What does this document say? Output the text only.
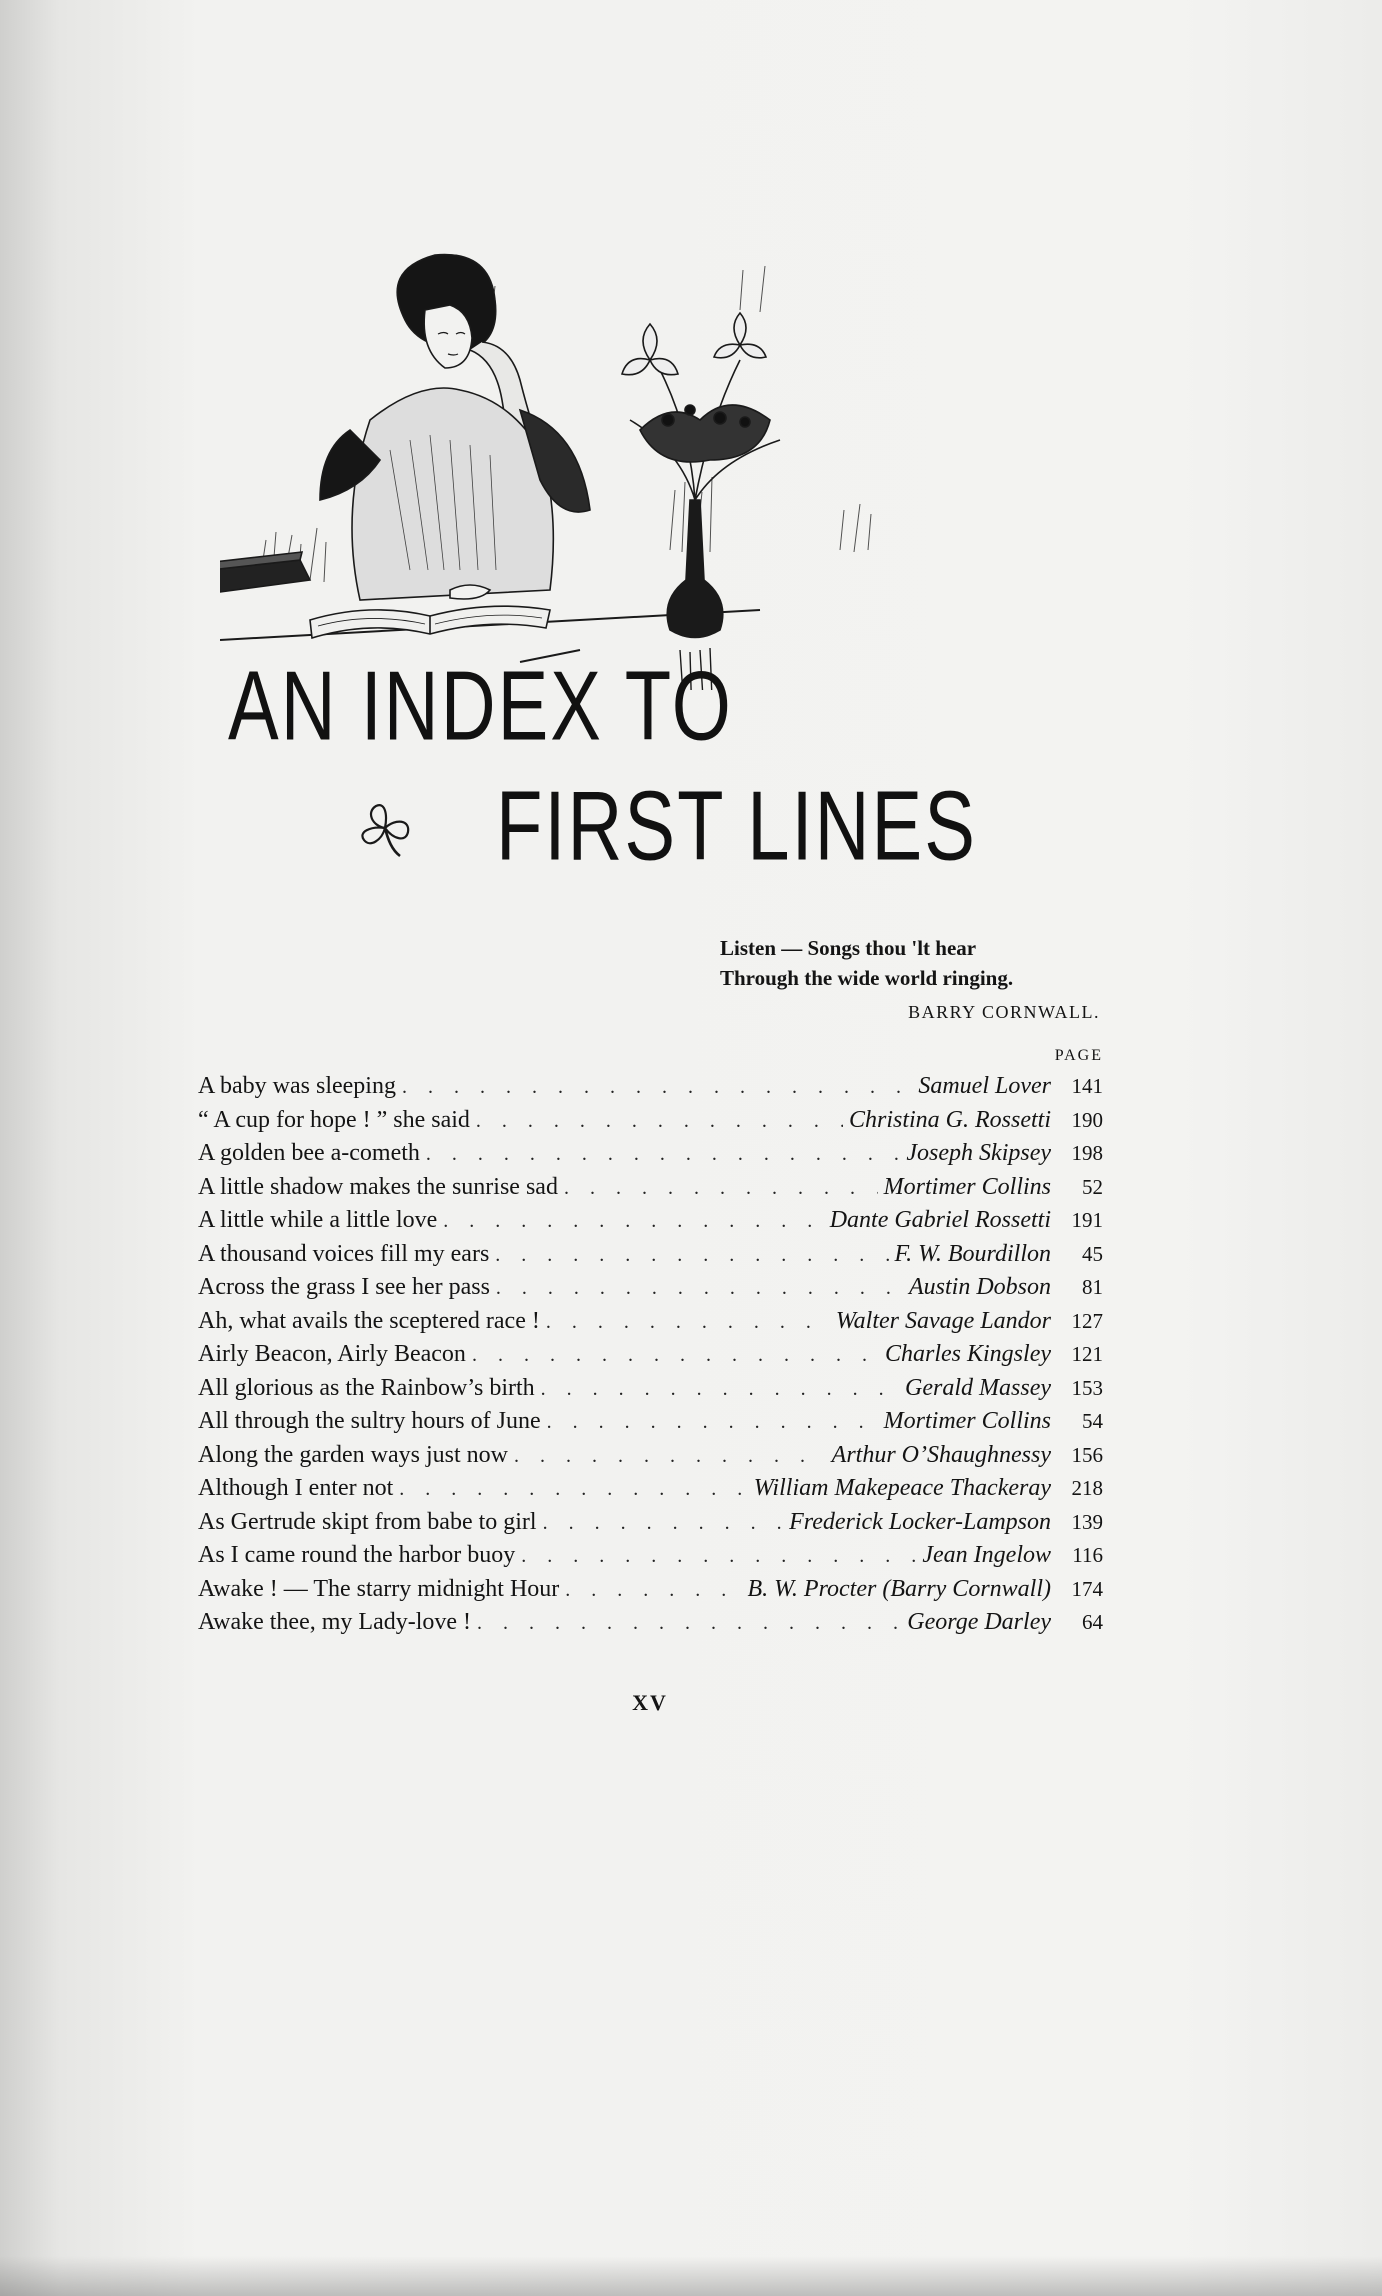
AN INDEX TO
FIRST LINES
Listen — Songs thou 'lt hear
Through the wide world ringing.
BARRY CORNWALL.
PAGE
A baby was sleeping . . .	Samuel Lover 141
“ A cup for hope ! ” she said . . .	Christina G. Rossetti 190
A golden bee a-cometh . . .	Joseph Skipsey 198
A little shadow makes the sunrise sad . . .	Mortimer Collins	52
A little while a little love . . .	Dante Gabriel Rossetti 191
A thousand voices fill my ears . . .	F. W. Bourdillon	45
Across the grass I see her pass . . .	Austin Dobson	81
Ah, what avails the sceptered race ! . . .	Walter Savage Landor 127
Airly Beacon, Airly Beacon . . .	Charles Kingsley 121
All glorious as the Rainbow’s birth . . .	Gerald Massey 153
All through the sultry hours of June . . .	Mortimer Collins	54
Along the garden ways just now . . .	Arthur O’Shaughnessy 156
Although I enter not . . .	William Makepeace Thackeray 218
As Gertrude skipt from babe to girl . . .	Frederick Locker-Lampson 139
As I came round the harbor buoy . . .	Jean Ingelow	116
Awake ! — The starry midnight Hour . . .	B. W. Procter (Barry Cornwall) 174
Awake thee, my Lady-love ! . . .	George Darley	64
XV
